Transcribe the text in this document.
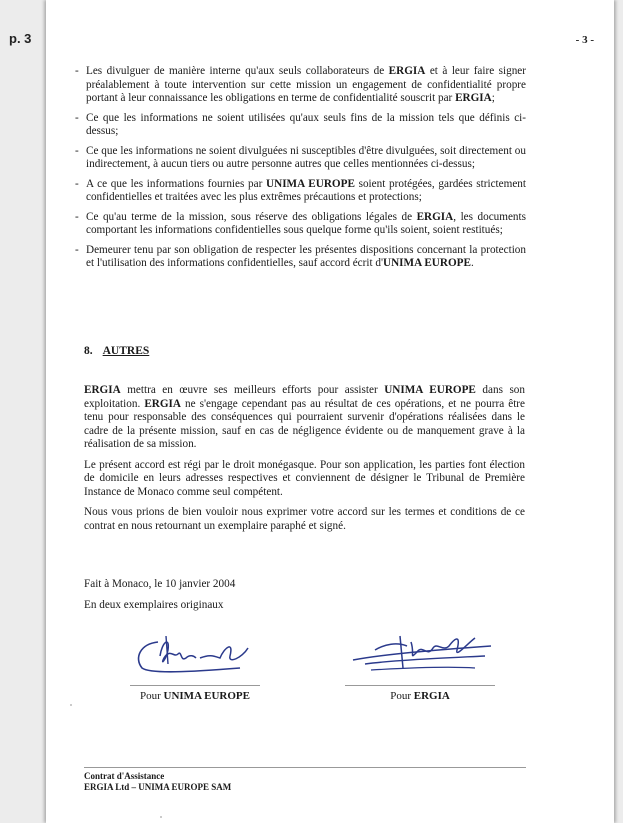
p. 3	- 3 -
- Les divulguer de manière interne qu'aux seuls collaborateurs de ERGIA et à leur faire signer préalablement à toute intervention sur cette mission un engagement de confidentialité propre portant à leur connaissance les obligations en terme de confidentialité souscrit par ERGIA;
- Ce que les informations ne soient utilisées qu'aux seuls fins de la mission tels que définis ci-dessus;
- Ce que les informations ne soient divulguées ni susceptibles d'être divulguées, soit directement ou indirectement, à aucun tiers ou autre personne autres que celles mentionnées ci-dessus;
- A ce que les informations fournies par UNIMA EUROPE soient protégées, gardées strictement confidentielles et traitées avec les plus extrêmes précautions et protections;
- Ce qu'au terme de la mission, sous réserve des obligations légales de ERGIA, les documents comportant les informations confidentielles sous quelque forme qu'ils soient, soient restitués;
- Demeurer tenu par son obligation de respecter les présentes dispositions concernant la protection et l'utilisation des informations confidentielles, sauf accord écrit d'UNIMA EUROPE.
8. AUTRES

ERGIA mettra en œuvre ses meilleurs efforts pour assister UNIMA EUROPE dans son exploitation. ERGIA ne s'engage cependant pas au résultat de ces opérations, et ne pourra être tenu pour responsable des conséquences qui pourraient survenir d'opérations réalisées dans le cadre de la présente mission, sauf en cas de négligence évidente ou de manquement grave à la réalisation de sa mission.

Le présent accord est régi par le droit monégasque. Pour son application, les parties font élection de domicile en leurs adresses respectives et conviennent de désigner le Tribunal de Première Instance de Monaco comme seul compétent.

Nous vous prions de bien vouloir nous exprimer votre accord sur les termes et conditions de ce contrat en nous retournant un exemplaire paraphé et signé.

Fait à Monaco, le 10 janvier 2004
En deux exemplaires originaux
Pour UNIMA EUROPE	Pour ERGIA
Contrat d'Assistance
ERGIA Ltd – UNIMA EUROPE SAM
